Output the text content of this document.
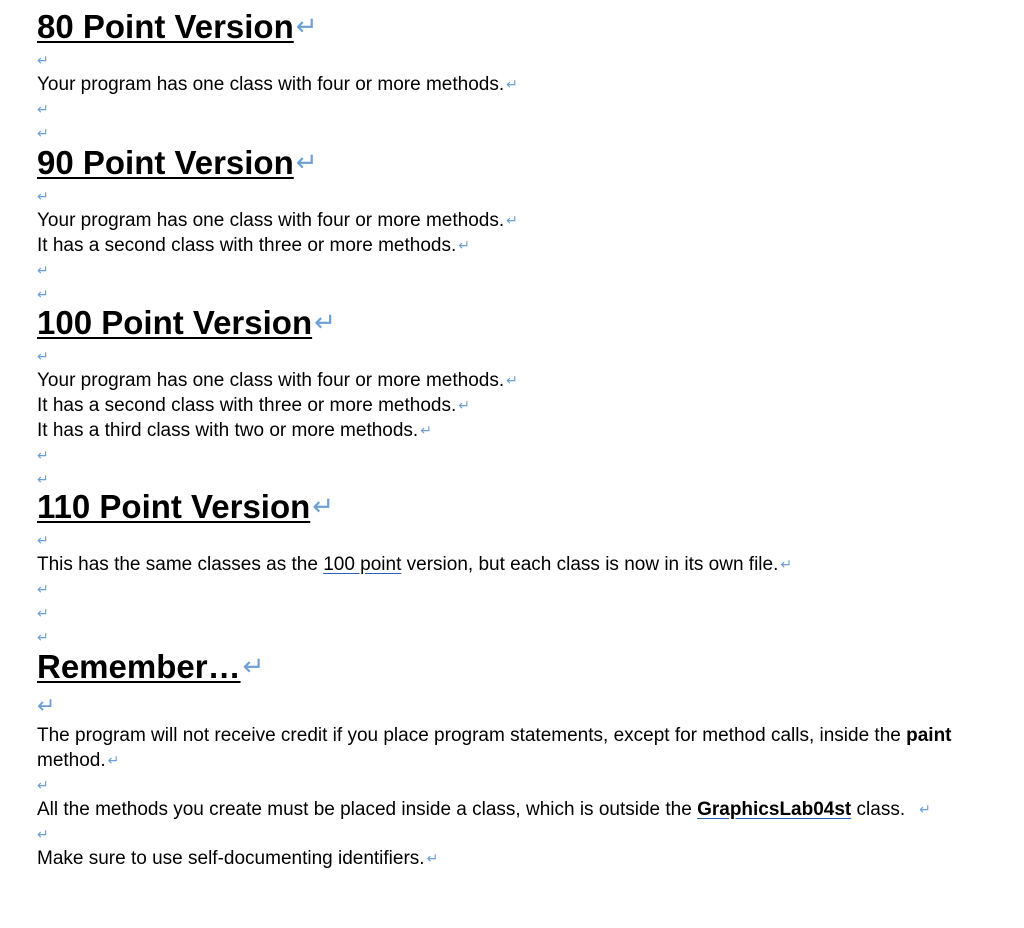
80 Point Version↵
↵
Your program has one class with four or more methods. ↵
↵
↵
90 Point Version↵
↵
Your program has one class with four or more methods. ↵
It has a second class with three or more methods. ↵
↵
↵
100 Point Version↵
↵
Your program has one class with four or more methods. ↵
It has a second class with three or more methods. ↵
It has a third class with two or more methods. ↵
↵
↵
110 Point Version↵
↵
This has the same classes as the 100 point version, but each class is now in its own file. ↵
↵
↵
↵
Remember…↵
↵
The program will not receive credit if you place program statements, except for method calls, inside the paint method. ↵
↵
All the methods you create must be placed inside a class, which is outside the GraphicsLab04st class. ↵
↵
Make sure to use self-documenting identifiers. ↵
